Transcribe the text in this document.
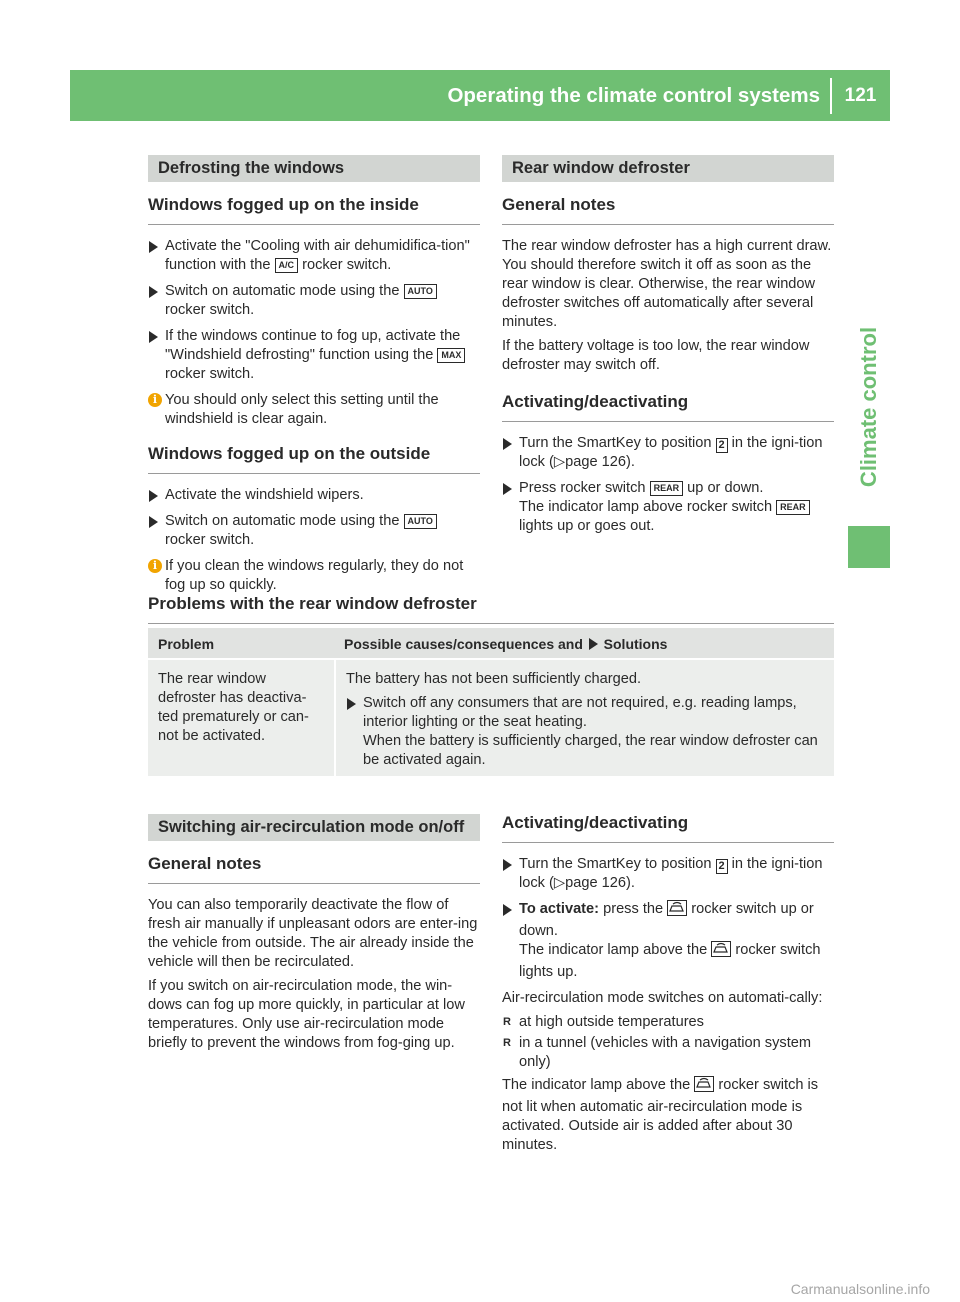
Operating the climate control systems	121
Climate control
Defrosting the windows
Windows fogged up on the inside
Activate the "Cooling with air dehumidifica-tion" function with the A/C rocker switch.
Switch on automatic mode using the AUTO rocker switch.
If the windows continue to fog up, activate the "Windshield defrosting" function using the MAX rocker switch.
i You should only select this setting until the windshield is clear again.
Windows fogged up on the outside
Activate the windshield wipers.
Switch on automatic mode using the AUTO rocker switch.
i If you clean the windows regularly, they do not fog up so quickly.
Rear window defroster
General notes
The rear window defroster has a high current draw. You should therefore switch it off as soon as the rear window is clear. Otherwise, the rear window defroster switches off automatically after several minutes.
If the battery voltage is too low, the rear window defroster may switch off.
Activating/deactivating
Turn the SmartKey to position 2 in the igni-tion lock (▷page 126).
Press rocker switch REAR up or down.
The indicator lamp above rocker switch REAR lights up or goes out.
Problems with the rear window defroster
Problem	Possible causes/consequences and Solutions
The rear window defroster has deactiva-ted prematurely or can-not be activated.
The battery has not been sufficiently charged.
Switch off any consumers that are not required, e.g. reading lamps, interior lighting or the seat heating.
When the battery is sufficiently charged, the rear window defroster can be activated again.
Switching air-recirculation mode on/off
General notes
You can also temporarily deactivate the flow of fresh air manually if unpleasant odors are enter-ing the vehicle from outside. The air already inside the vehicle will then be recirculated.
If you switch on air-recirculation mode, the win-dows can fog up more quickly, in particular at low temperatures. Only use air-recirculation mode briefly to prevent the windows from fog-ging up.
Activating/deactivating
Turn the SmartKey to position 2 in the igni-tion lock (▷page 126).
To activate: press the rocker switch up or down.
The indicator lamp above the rocker switch lights up.
Air-recirculation mode switches on automati-cally:
R at high outside temperatures
R in a tunnel (vehicles with a navigation system only)
The indicator lamp above the rocker switch is not lit when automatic air-recirculation mode is activated. Outside air is added after about 30 minutes.
Carmanualsonline.info
